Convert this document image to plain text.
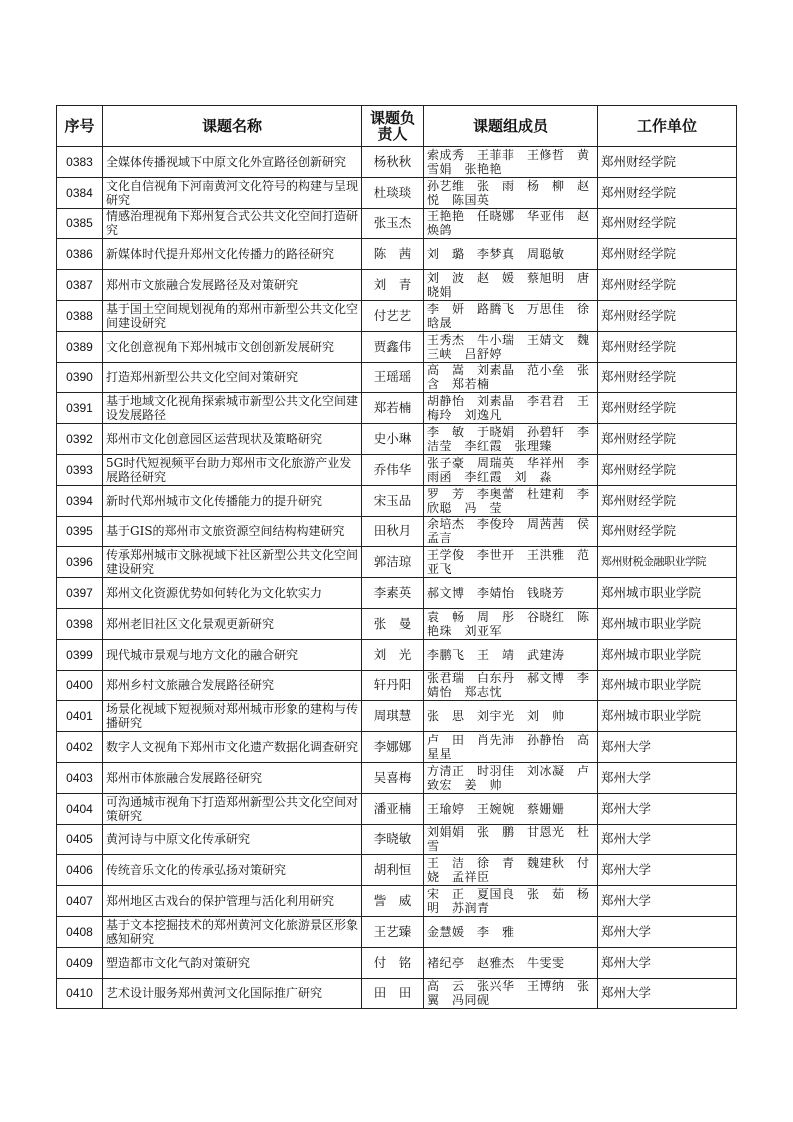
序号	课题名称	课题负责人	课题组成员	工作单位
0383	全媒体传播视域下中原文化外宣路径创新研究	杨秋秋	索成秀　王菲菲　王修哲　黄雪娟　张艳艳	郑州财经学院
0384	文化自信视角下河南黄河文化符号的构建与呈现研究	杜琰琰	孙艺维　张　雨　杨　柳　赵　悦　陈国英	郑州财经学院
0385	情感治理视角下郑州复合式公共文化空间打造研究	张玉杰	王艳艳　任晓娜　华亚伟　赵焕鸽	郑州财经学院
0386	新媒体时代提升郑州文化传播力的路径研究	陈　茜	刘　璐　李梦真　周聪敏	郑州财经学院
0387	郑州市文旅融合发展路径及对策研究	刘　青	刘　波　赵　媛　蔡旭明　唐晓娟	郑州财经学院
0388	基于国土空间规划视角的郑州市新型公共文化空间建设研究	付艺艺	李　妍　路腾飞　万思佳　徐晗晟	郑州财经学院
0389	文化创意视角下郑州城市文创创新发展研究	贾鑫伟	王秀杰　牛小瑞　王婧文　魏三峡　吕舒婷	郑州财经学院
0390	打造郑州新型公共文化空间对策研究	王瑶瑶	高　嵩　刘素晶　范小垒　张　含　郑若楠	郑州财经学院
0391	基于地域文化视角探索城市新型公共文化空间建设发展路径	郑若楠	胡静怡　刘素晶　李君君　王梅玲　刘逸凡	郑州财经学院
0392	郑州市文化创意园区运营现状及策略研究	史小琳	李　敏　于晓娟　孙碧轩　李洁莹　李红霞　张理臻	郑州财经学院
0393	5G时代短视频平台助力郑州市文化旅游产业发展路径研究	乔伟华	张子豪　周瑞英　华祥州　李雨函　李红霞　刘　淼	郑州财经学院
0394	新时代郑州城市文化传播能力的提升研究	宋玉品	罗　芳　李奥蕾　杜建莉　李欣聪　冯　莹	郑州财经学院
0395	基于GIS的郑州市文旅资源空间结构构建研究	田秋月	余培杰　李俊玲　周茜茜　侯孟言	郑州财经学院
0396	传承郑州城市文脉视域下社区新型公共文化空间建设研究	郭洁琼	王学俊　李世开　王洪雅　范亚飞	郑州财税金融职业学院
0397	郑州文化资源优势如何转化为文化软实力	李素英	郝文博　李婧怡　钱晓芳	郑州城市职业学院
0398	郑州老旧社区文化景观更新研究	张　曼	袁　畅　周　彤　谷晓红　陈艳珠　刘亚军	郑州城市职业学院
0399	现代城市景观与地方文化的融合研究	刘　光	李鹏飞　王　靖　武建涛	郑州城市职业学院
0400	郑州乡村文旅融合发展路径研究	轩丹阳	张君瑞　白东丹　郝文博　李婧怡　郑志忱	郑州城市职业学院
0401	场景化视域下短视频对郑州城市形象的建构与传播研究	周琪慧	张　思　刘宇光　刘　帅	郑州城市职业学院
0402	数字人文视角下郑州市文化遗产数据化调查研究	李娜娜	卢　田　肖先沛　孙静怡　高星星	郑州大学
0403	郑州市体旅融合发展路径研究	吴喜梅	方清正　时羽佳　刘冰凝　卢致宏　姜　帅	郑州大学
0404	可沟通城市视角下打造郑州新型公共文化空间对策研究	潘亚楠	王瑜婷　王婉婉　蔡姗姗	郑州大学
0405	黄河诗与中原文化传承研究	李晓敏	刘娟娟　张　鹏　甘恩光　杜　雪	郑州大学
0406	传统音乐文化的传承弘扬对策研究	胡利恒	王　洁　徐　青　魏建秋　付　娆　孟祥臣	郑州大学
0407	郑州地区古戏台的保护管理与活化利用研究	訾　威	宋　正　夏国良　张　茹　杨　明　苏润青	郑州大学
0408	基于文本挖掘技术的郑州黄河文化旅游景区形象感知研究	王艺臻	金慧媛　李　雅	郑州大学
0409	塑造都市文化气韵对策研究	付　铭	褚纪亭　赵雅杰　牛雯雯	郑州大学
0410	艺术设计服务郑州黄河文化国际推广研究	田　田	高　云　张兴华　王博纳　张　翼　冯同砚	郑州大学
